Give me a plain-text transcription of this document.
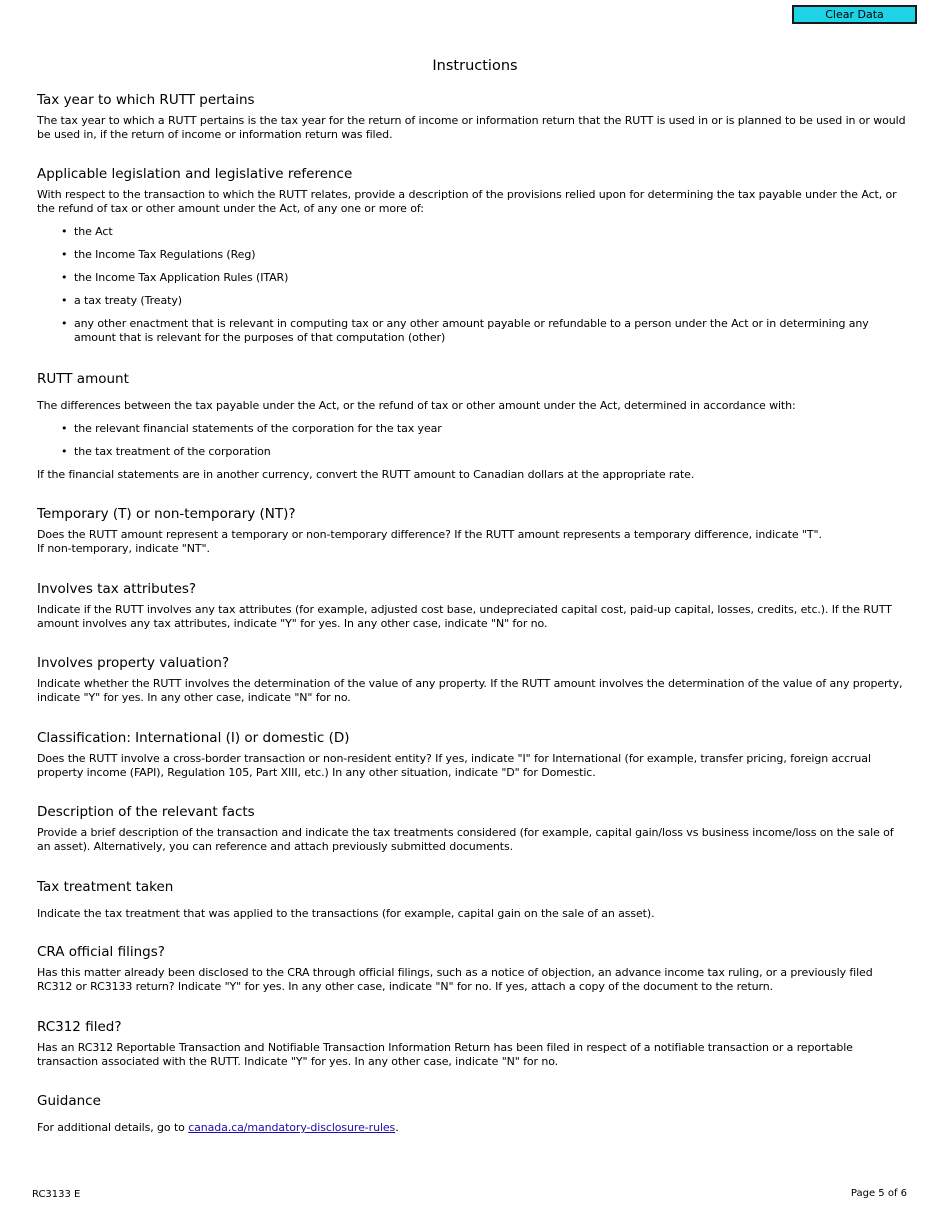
Clear Data
Instructions
Tax year to which RUTT pertains

The tax year to which a RUTT pertains is the tax year for the return of income or information return that the RUTT is used in or is planned to be used in or would be used in, if the return of income or information return was filed.

Applicable legislation and legislative reference

With respect to the transaction to which the RUTT relates, provide a description of the provisions relied upon for determining the tax payable under the Act, or the refund of tax or other amount under the Act, of any one or more of:

• the Act
• the Income Tax Regulations (Reg)
• the Income Tax Application Rules (ITAR)
• a tax treaty (Treaty)
• any other enactment that is relevant in computing tax or any other amount payable or refundable to a person under the Act or in determining any amount that is relevant for the purposes of that computation (other)
RUTT amount

The differences between the tax payable under the Act, or the refund of tax or other amount under the Act, determined in accordance with:

• the relevant financial statements of the corporation for the tax year
• the tax treatment of the corporation

If the financial statements are in another currency, convert the RUTT amount to Canadian dollars at the appropriate rate.

Temporary (T) or non-temporary (NT)?

Does the RUTT amount represent a temporary or non-temporary difference? If the RUTT amount represents a temporary difference, indicate "T".

If non-temporary, indicate "NT".

Involves tax attributes?

Indicate if the RUTT involves any tax attributes (for example, adjusted cost base, undepreciated capital cost, paid-up capital, losses, credits, etc.). If the RUTT amount involves any tax attributes, indicate "Y" for yes. In any other case, indicate "N" for no.

Involves property valuation?

Indicate whether the RUTT involves the determination of the value of any property. If the RUTT amount involves the determination of the value of any property, indicate "Y" for yes. In any other case, indicate "N" for no.

Classification: International (I) or domestic (D)

Does the RUTT involve a cross-border transaction or non-resident entity? If yes, indicate "I" for International (for example, transfer pricing, foreign accrual property income (FAPI), Regulation 105, Part XIII, etc.) In any other situation, indicate "D" for Domestic.

Description of the relevant facts

Provide a brief description of the transaction and indicate the tax treatments considered (for example, capital gain/loss vs business income/loss on the sale of an asset). Alternatively, you can reference and attach previously submitted documents.

Tax treatment taken

Indicate the tax treatment that was applied to the transactions (for example, capital gain on the sale of an asset).

CRA official filings?

Has this matter already been disclosed to the CRA through official filings, such as a notice of objection, an advance income tax ruling, or a previously filed RC312 or RC3133 return? Indicate "Y" for yes. In any other case, indicate "N" for no. If yes, attach a copy of the document to the return.

RC312 filed?

Has an RC312 Reportable Transaction and Notifiable Transaction Information Return has been filed in respect of a notifiable transaction or a reportable transaction associated with the RUTT. Indicate "Y" for yes. In any other case, indicate "N" for no.

Guidance

For additional details, go to canada.ca/mandatory-disclosure-rules.

RC3133 E	Page 5 of 6
